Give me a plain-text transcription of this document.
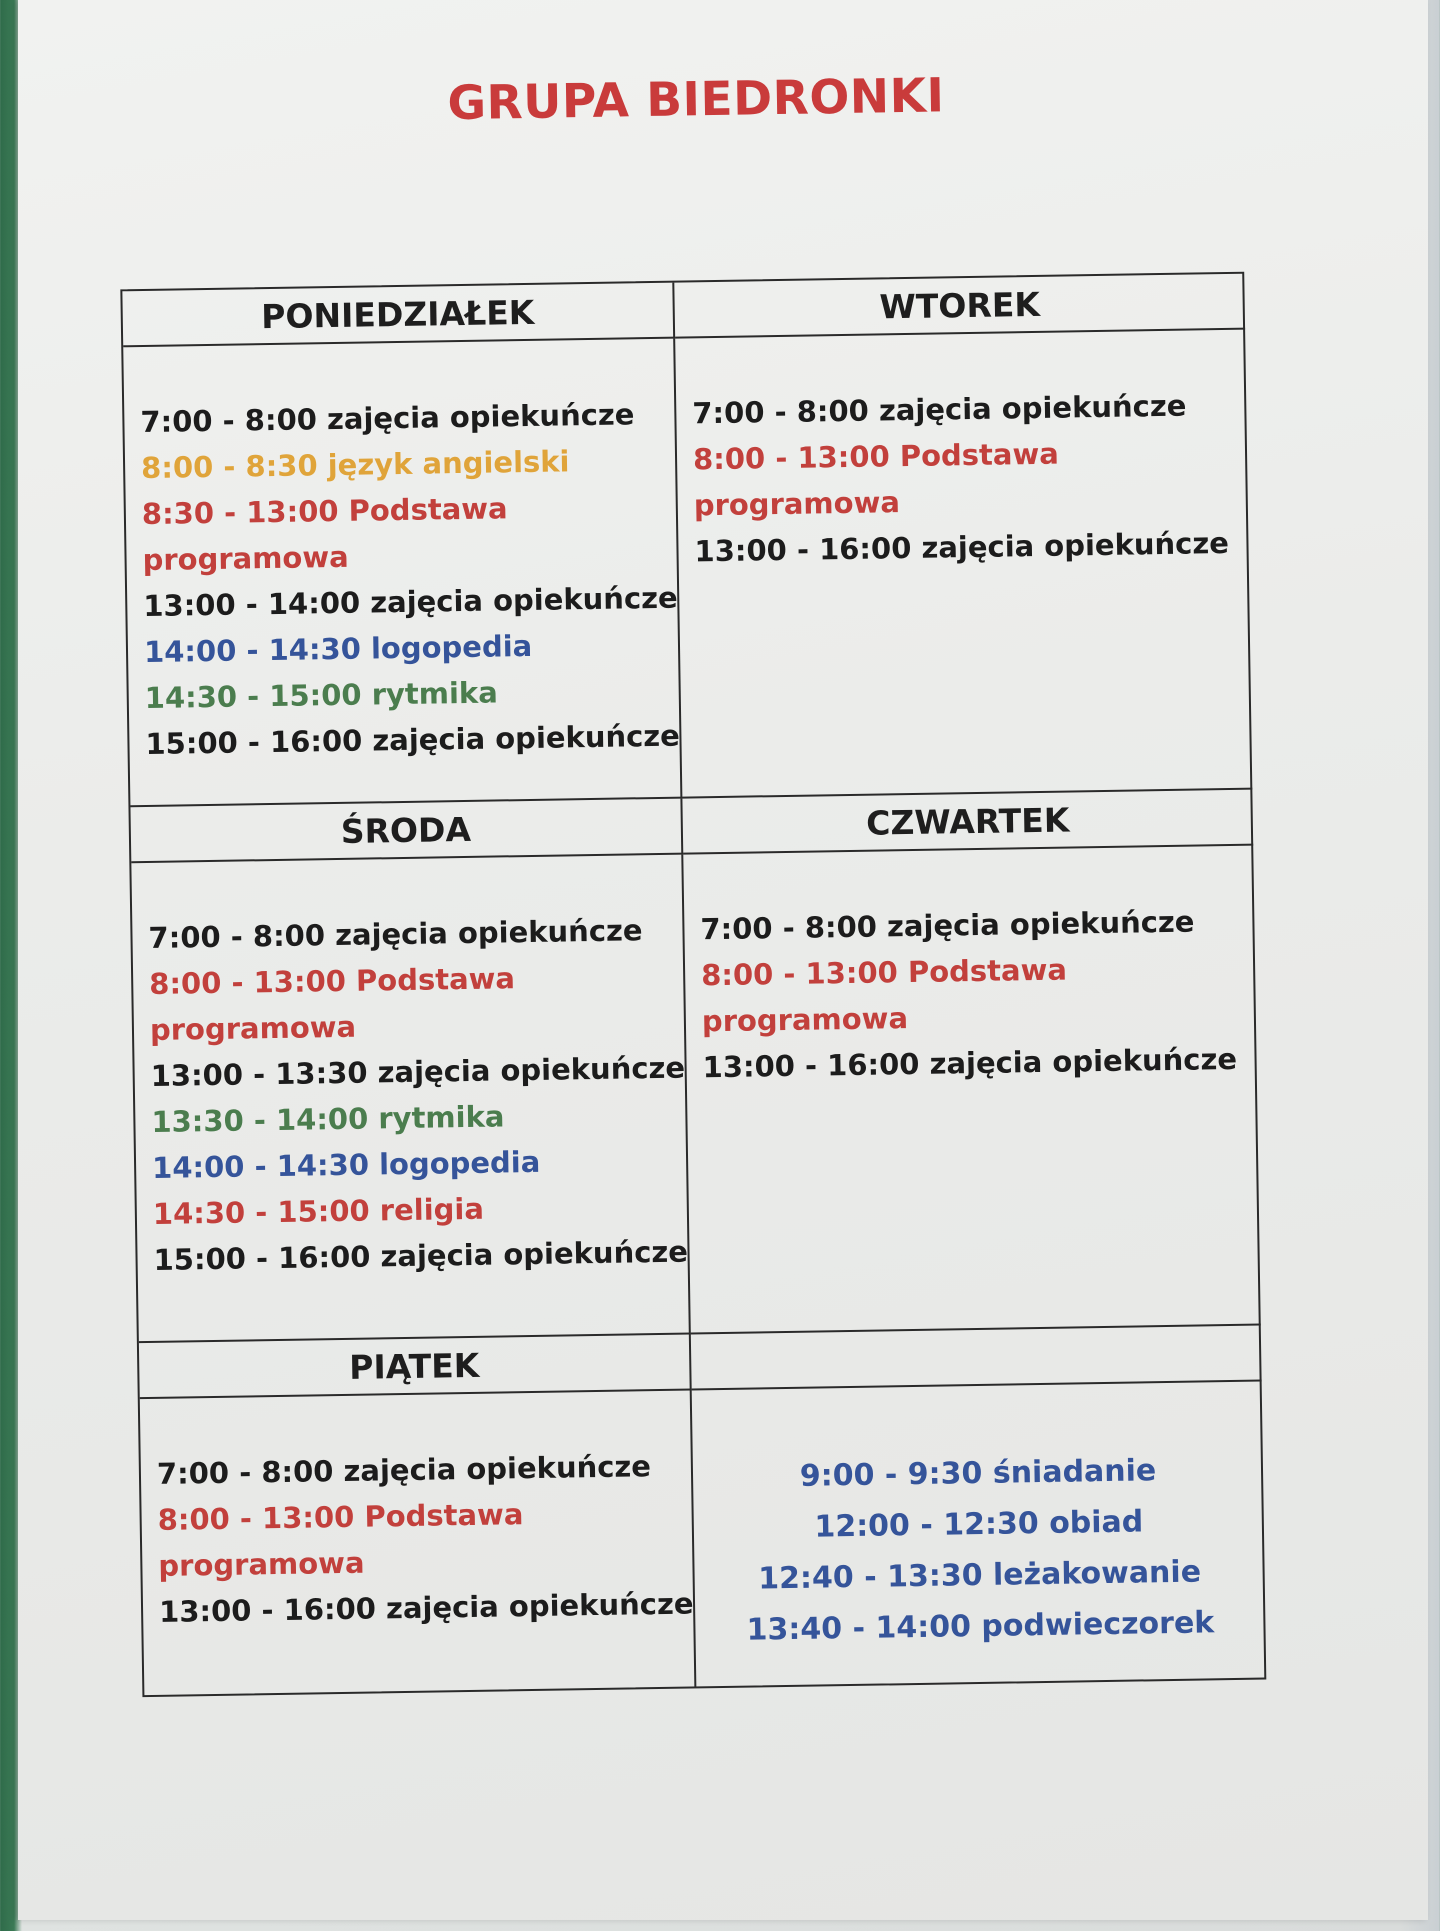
GRUPA BIEDRONKI
PONIEDZIAŁEK	WTOREK
7:00 - 8:00 zajęcia opiekuńcze
8:00 - 8:30 język angielski
8:30 - 13:00 Podstawa
programowa
13:00 - 14:00 zajęcia opiekuńcze
14:00 - 14:30 logopedia
14:30 - 15:00 rytmika
15:00 - 16:00 zajęcia opiekuńcze
7:00 - 8:00 zajęcia opiekuńcze
8:00 - 13:00 Podstawa
programowa
13:00 - 16:00 zajęcia opiekuńcze
ŚRODA	CZWARTEK
7:00 - 8:00 zajęcia opiekuńcze
8:00 - 13:00 Podstawa
programowa
13:00 - 13:30 zajęcia opiekuńcze
13:30 - 14:00 rytmika
14:00 - 14:30 logopedia
14:30 - 15:00 religia
15:00 - 16:00 zajęcia opiekuńcze
7:00 - 8:00 zajęcia opiekuńcze
8:00 - 13:00 Podstawa
programowa
13:00 - 16:00 zajęcia opiekuńcze
PIĄTEK
7:00 - 8:00 zajęcia opiekuńcze
8:00 - 13:00 Podstawa
programowa
13:00 - 16:00 zajęcia opiekuńcze
9:00 - 9:30 śniadanie
12:00 - 12:30 obiad
12:40 - 13:30 leżakowanie
13:40 - 14:00 podwieczorek
